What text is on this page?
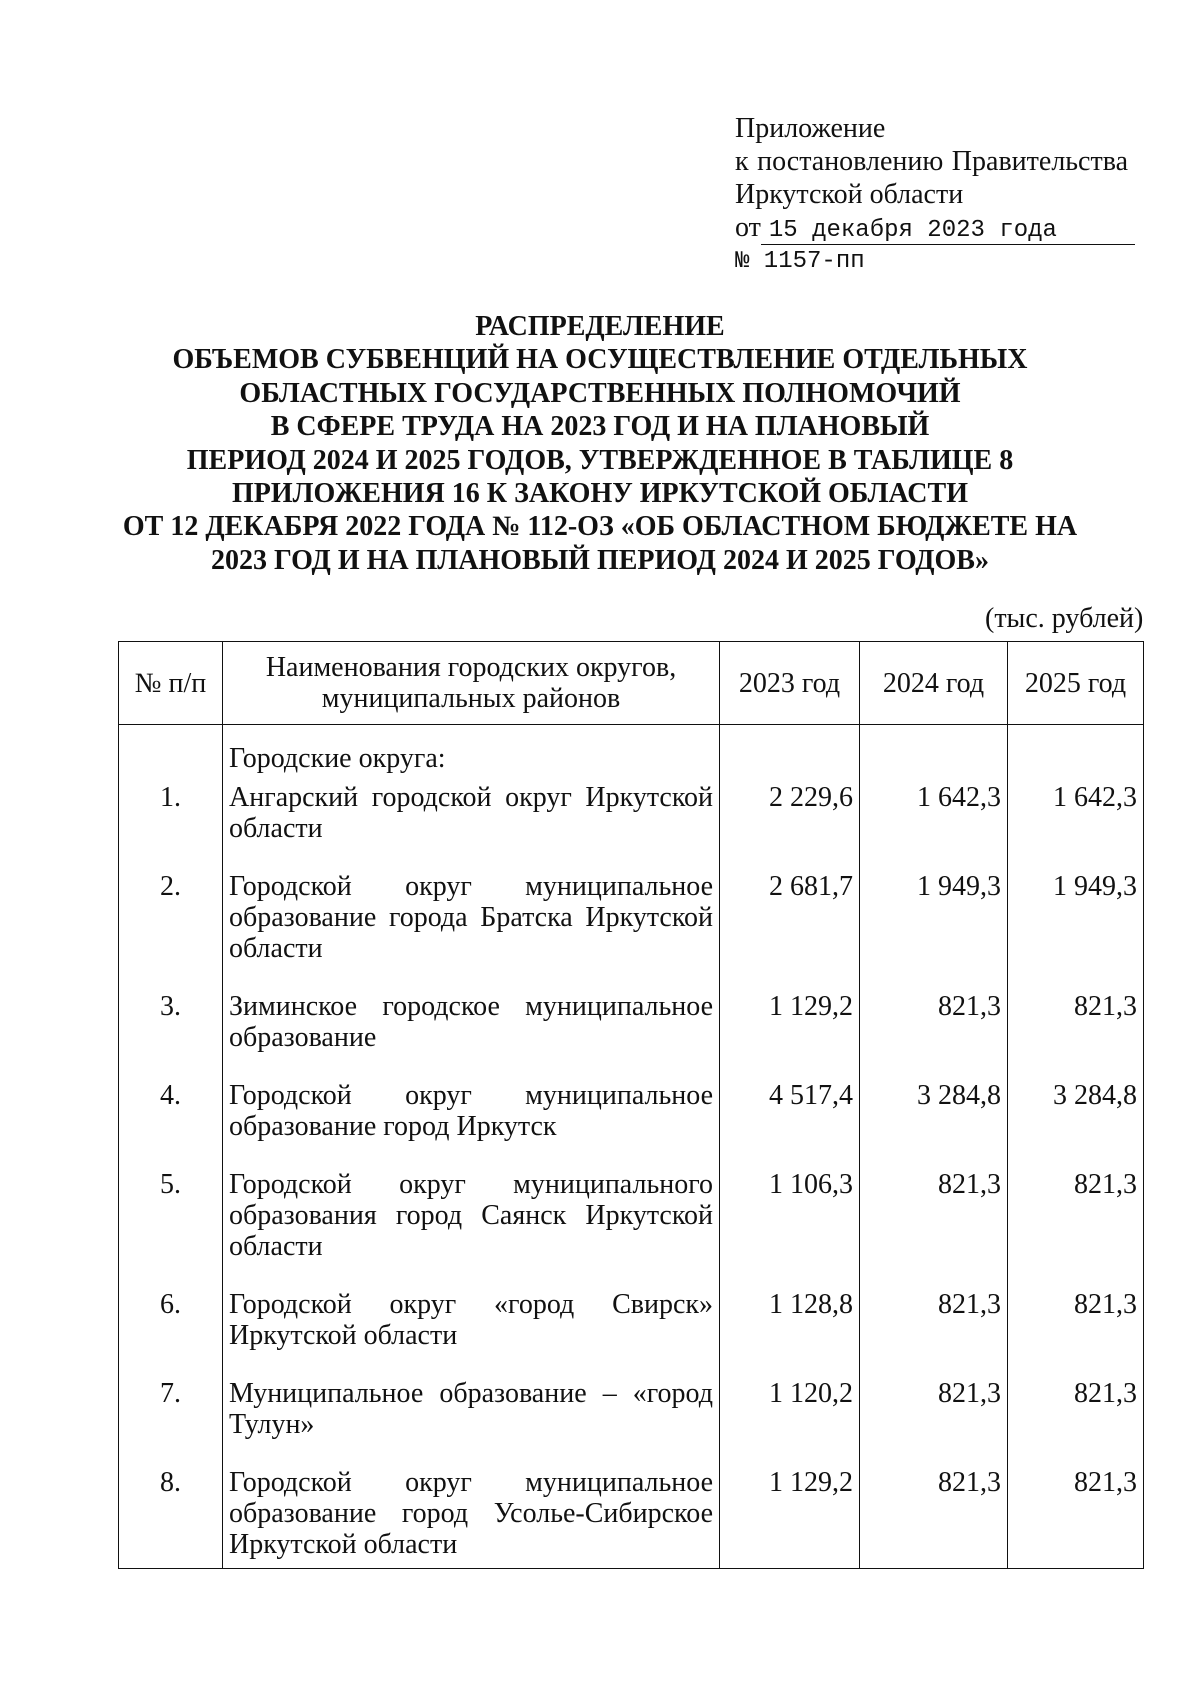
Приложение
к постановлению Правительства
Иркутской области
от 15 декабря 2023 года
№ 1157-пп
РАСПРЕДЕЛЕНИЕ
ОБЪЕМОВ СУБВЕНЦИЙ НА ОСУЩЕСТВЛЕНИЕ ОТДЕЛЬНЫХ
ОБЛАСТНЫХ ГОСУДАРСТВЕННЫХ ПОЛНОМОЧИЙ
В СФЕРЕ ТРУДА НА 2023 ГОД И НА ПЛАНОВЫЙ
ПЕРИОД 2024 И 2025 ГОДОВ, УТВЕРЖДЕННОЕ В ТАБЛИЦЕ 8
ПРИЛОЖЕНИЯ 16 К ЗАКОНУ ИРКУТСКОЙ ОБЛАСТИ
ОТ 12 ДЕКАБРЯ 2022 ГОДА № 112-ОЗ «ОБ ОБЛАСТНОМ БЮДЖЕТЕ НА
2023 ГОД И НА ПЛАНОВЫЙ ПЕРИОД 2024 И 2025 ГОДОВ»
(тыс. рублей)
№ п/п	Наименования городских округов, муниципальных районов	2023 год	2024 год	2025 год

	Городские округа:			
1.	Ангарский городской округ Иркутской области	2 229,6	1 642,3	1 642,3
2.	Городской округ муниципальное образование города Братска Иркутской области	2 681,7	1 949,3	1 949,3
3.	Зиминское городское муниципальное образование	1 129,2	821,3	821,3
4.	Городской округ муниципальное образование город Иркутск	4 517,4	3 284,8	3 284,8
5.	Городской округ муниципального образования город Саянск Иркутской области	1 106,3	821,3	821,3
6.	Городской округ «город Свирск» Иркутской области	1 128,8	821,3	821,3
7.	Муниципальное образование – «город Тулун»	1 120,2	821,3	821,3
8.	Городской округ муниципальное образование город Усолье-Сибирское Иркутской области	1 129,2	821,3	821,3
